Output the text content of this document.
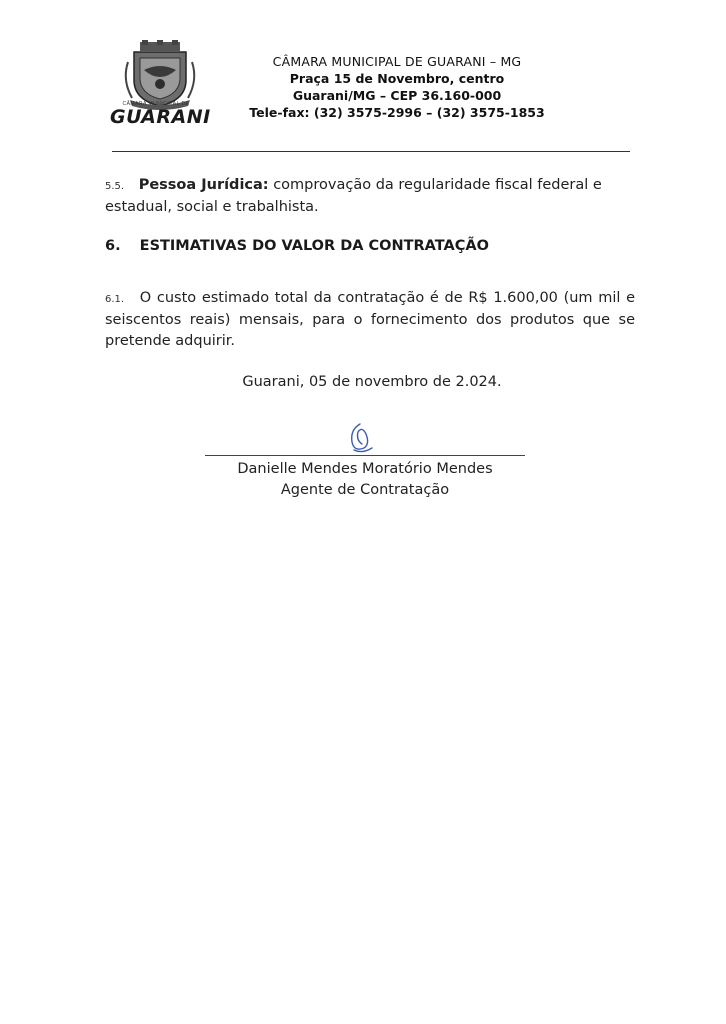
CÂMARA MUNICIPAL DE
GUARANI
CÂMARA MUNICIPAL DE GUARANI – MG
Praça 15 de Novembro, centro
Guarani/MG – CEP 36.160-000
Tele-fax: (32) 3575-2996 – (32) 3575-1853
5.5. Pessoa Jurídica: comprovação da regularidade fiscal federal e estadual, social e trabalhista.
6. ESTIMATIVAS DO VALOR DA CONTRATAÇÃO
6.1. O custo estimado total da contratação é de R$ 1.600,00 (um mil e seiscentos reais) mensais, para o fornecimento dos produtos que se pretende adquirir.
Guarani, 05 de novembro de 2.024.
Danielle Mendes Moratório Mendes
Agente de Contratação
